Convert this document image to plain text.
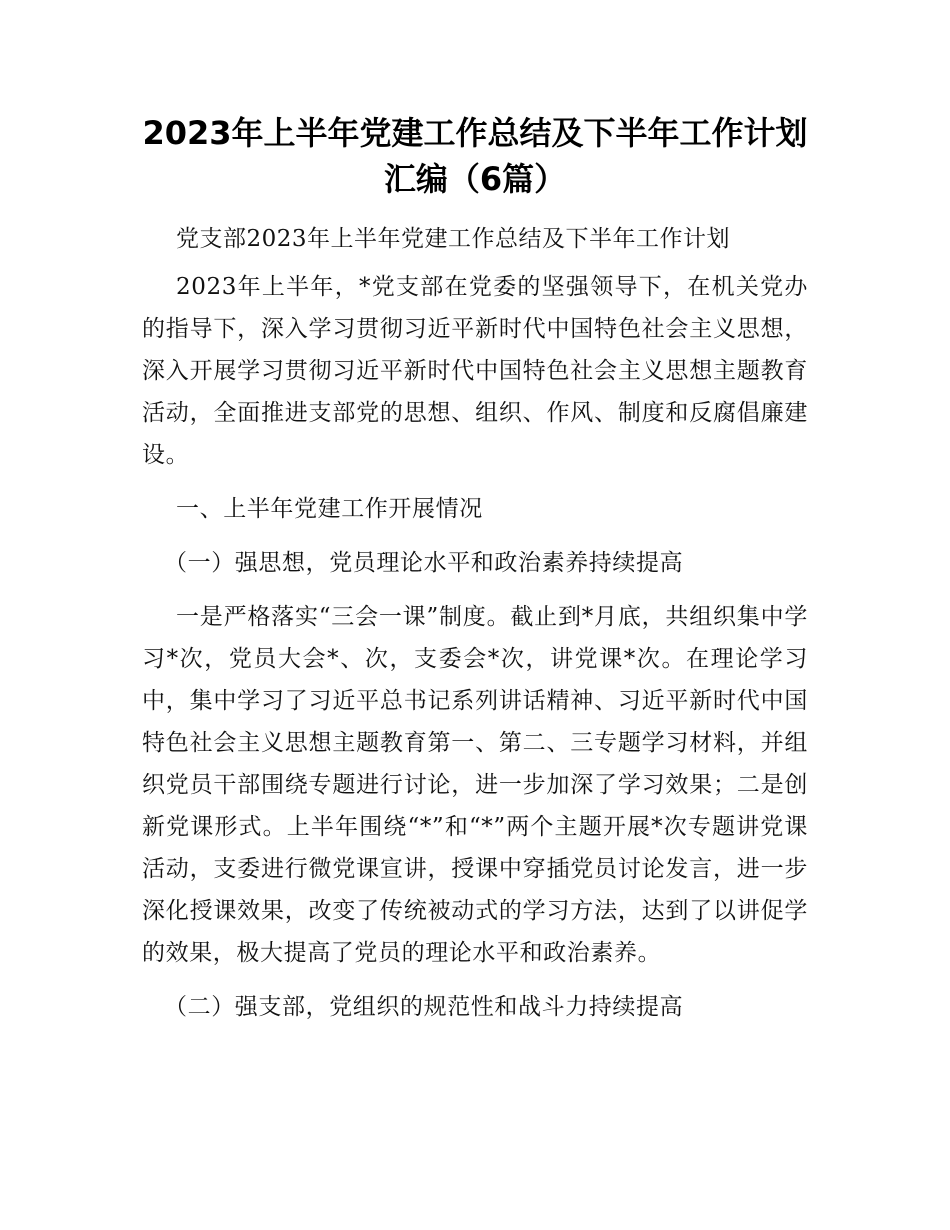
2023年上半年党建工作总结及下半年工作计划
汇编（6篇）

党支部2023年上半年党建工作总结及下半年工作计划

2023年上半年，*党支部在党委的坚强领导下，在机关党办的指导下，深入学习贯彻习近平新时代中国特色社会主义思想，深入开展学习贯彻习近平新时代中国特色社会主义思想主题教育活动，全面推进支部党的思想、组织、作风、制度和反腐倡廉建设。

一、上半年党建工作开展情况

（一）强思想，党员理论水平和政治素养持续提高

一是严格落实“三会一课”制度。截止到*月底，共组织集中学习*次，党员大会*、次，支委会*次，讲党课*次。在理论学习中，集中学习了习近平总书记系列讲话精神、习近平新时代中国特色社会主义思想主题教育第一、第二、三专题学习材料，并组织党员干部围绕专题进行讨论，进一步加深了学习效果；二是创新党课形式。上半年围绕“*”和“*”两个主题开展*次专题讲党课活动，支委进行微党课宣讲，授课中穿插党员讨论发言，进一步深化授课效果，改变了传统被动式的学习方法，达到了以讲促学的效果，极大提高了党员的理论水平和政治素养。

（二）强支部，党组织的规范性和战斗力持续提高
